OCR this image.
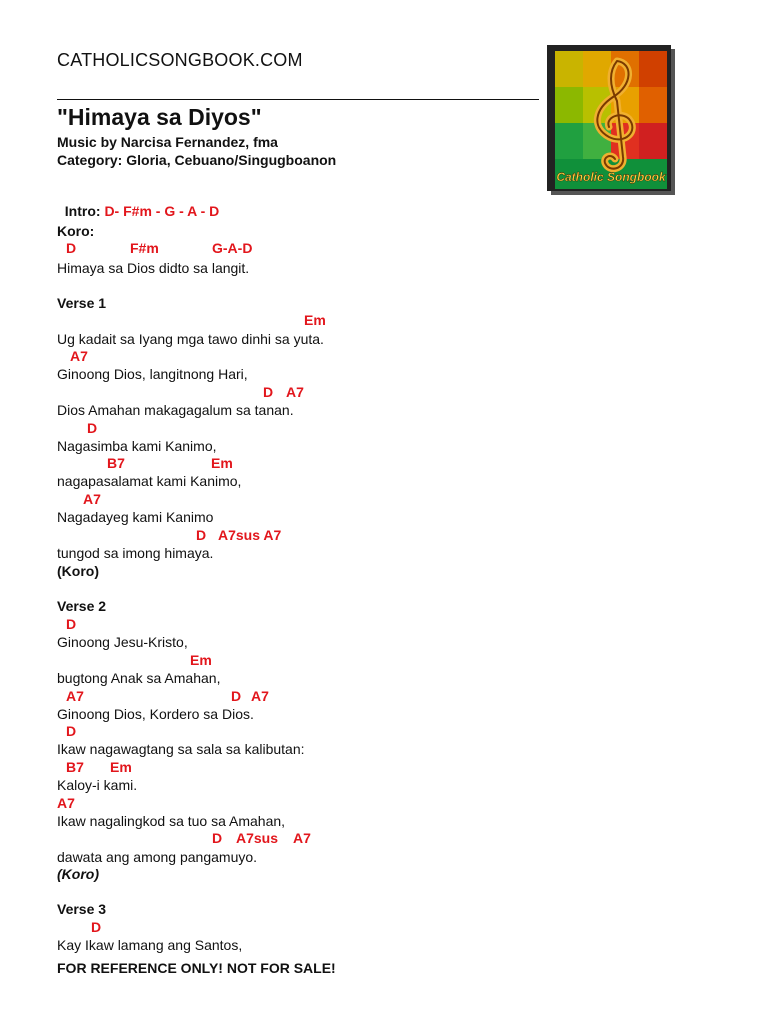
CATHOLICSONGBOOK.COM
"Himaya sa Diyos"
Music by Narcisa Fernandez, fma
Category: Gloria, Cebuano/Singugboanon
Catholic Songbook

Intro: D- F#m - G - A - D

Koro:
D	F#m	G-A-D
Himaya sa Dios didto sa langit.
Verse 1
Em
Ug kadait sa Iyang mga tawo dinhi sa yuta.
A7
Ginoong Dios, langitnong Hari,
D A7
Dios Amahan makagagalum sa tanan.
D
Nagasimba kami Kanimo,
B7	Em
nagapasalamat kami Kanimo,
A7
Nagadayeg kami Kanimo
D A7sus A7
tungod sa imong himaya.
(Koro)
Verse 2
D
Ginoong Jesu-Kristo,
Em
bugtong Anak sa Amahan,
A7	D A7
Ginoong Dios, Kordero sa Dios.
D
Ikaw nagawagtang sa sala sa kalibutan:
B7 Em
Kaloy-i kami.
A7
Ikaw nagalingkod sa tuo sa Amahan,
D A7sus A7
dawata ang among pangamuyo.
(Koro)
Verse 3
D
Kay Ikaw lamang ang Santos,
FOR REFERENCE ONLY! NOT FOR SALE!
